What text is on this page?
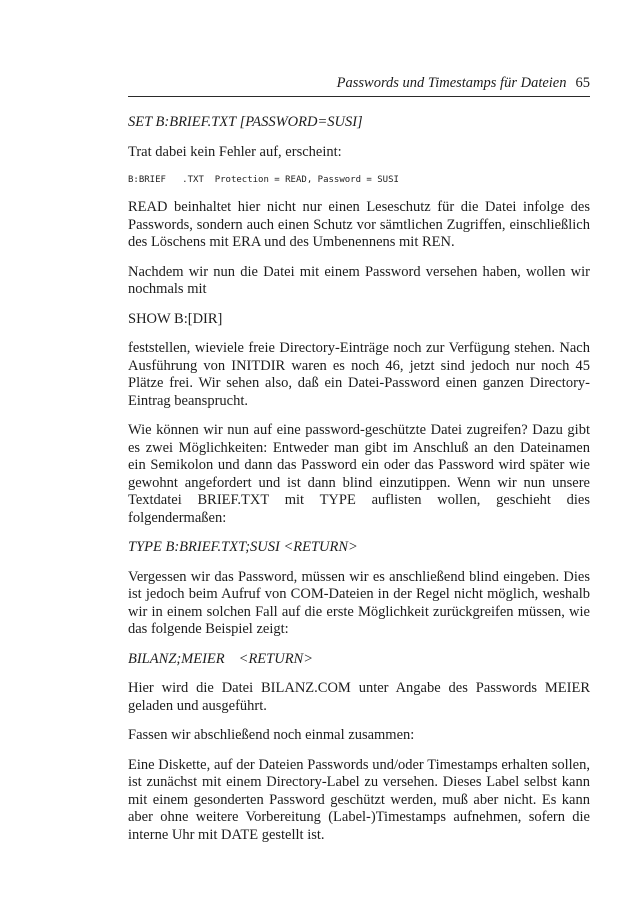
Passwords und Timestamps für Dateien 65
SET B:BRIEF.TXT [PASSWORD=SUSI]

Trat dabei kein Fehler auf, erscheint:

B:BRIEF   .TXT Protection = READ, Password = SUSI

READ beinhaltet hier nicht nur einen Leseschutz für die Datei infolge des Passwords, sondern auch einen Schutz vor sämtlichen Zugriffen, einschließlich des Löschens mit ERA und des Umbenennens mit REN.

Nachdem wir nun die Datei mit einem Password versehen haben, wollen wir nochmals mit

SHOW B:[DIR]

feststellen, wieviele freie Directory-Einträge noch zur Verfügung stehen. Nach Ausführung von INITDIR waren es noch 46, jetzt sind jedoch nur noch 45 Plätze frei. Wir sehen also, daß ein Datei-Password einen ganzen Directory-Eintrag beansprucht.

Wie können wir nun auf eine password-geschützte Datei zugreifen? Dazu gibt es zwei Möglichkeiten: Entweder man gibt im Anschluß an den Dateinamen ein Semikolon und dann das Password ein oder das Password wird später wie gewohnt angefordert und ist dann blind einzutippen. Wenn wir nun unsere Textdatei BRIEF.TXT mit TYPE auflisten wollen, geschieht dies folgendermaßen:

TYPE B:BRIEF.TXT;SUSI <RETURN>

Vergessen wir das Password, müssen wir es anschließend blind eingeben. Dies ist jedoch beim Aufruf von COM-Dateien in der Regel nicht möglich, weshalb wir in einem solchen Fall auf die erste Möglichkeit zurückgreifen müssen, wie das folgende Beispiel zeigt:

BILANZ;MEIER <RETURN>

Hier wird die Datei BILANZ.COM unter Angabe des Passwords MEIER geladen und ausgeführt.

Fassen wir abschließend noch einmal zusammen:

Eine Diskette, auf der Dateien Passwords und/oder Timestamps erhalten sollen, ist zunächst mit einem Directory-Label zu versehen. Dieses Label selbst kann mit einem gesonderten Password geschützt werden, muß aber nicht. Es kann aber ohne weitere Vorbereitung (Label-)Timestamps aufnehmen, sofern die interne Uhr mit DATE gestellt ist.
